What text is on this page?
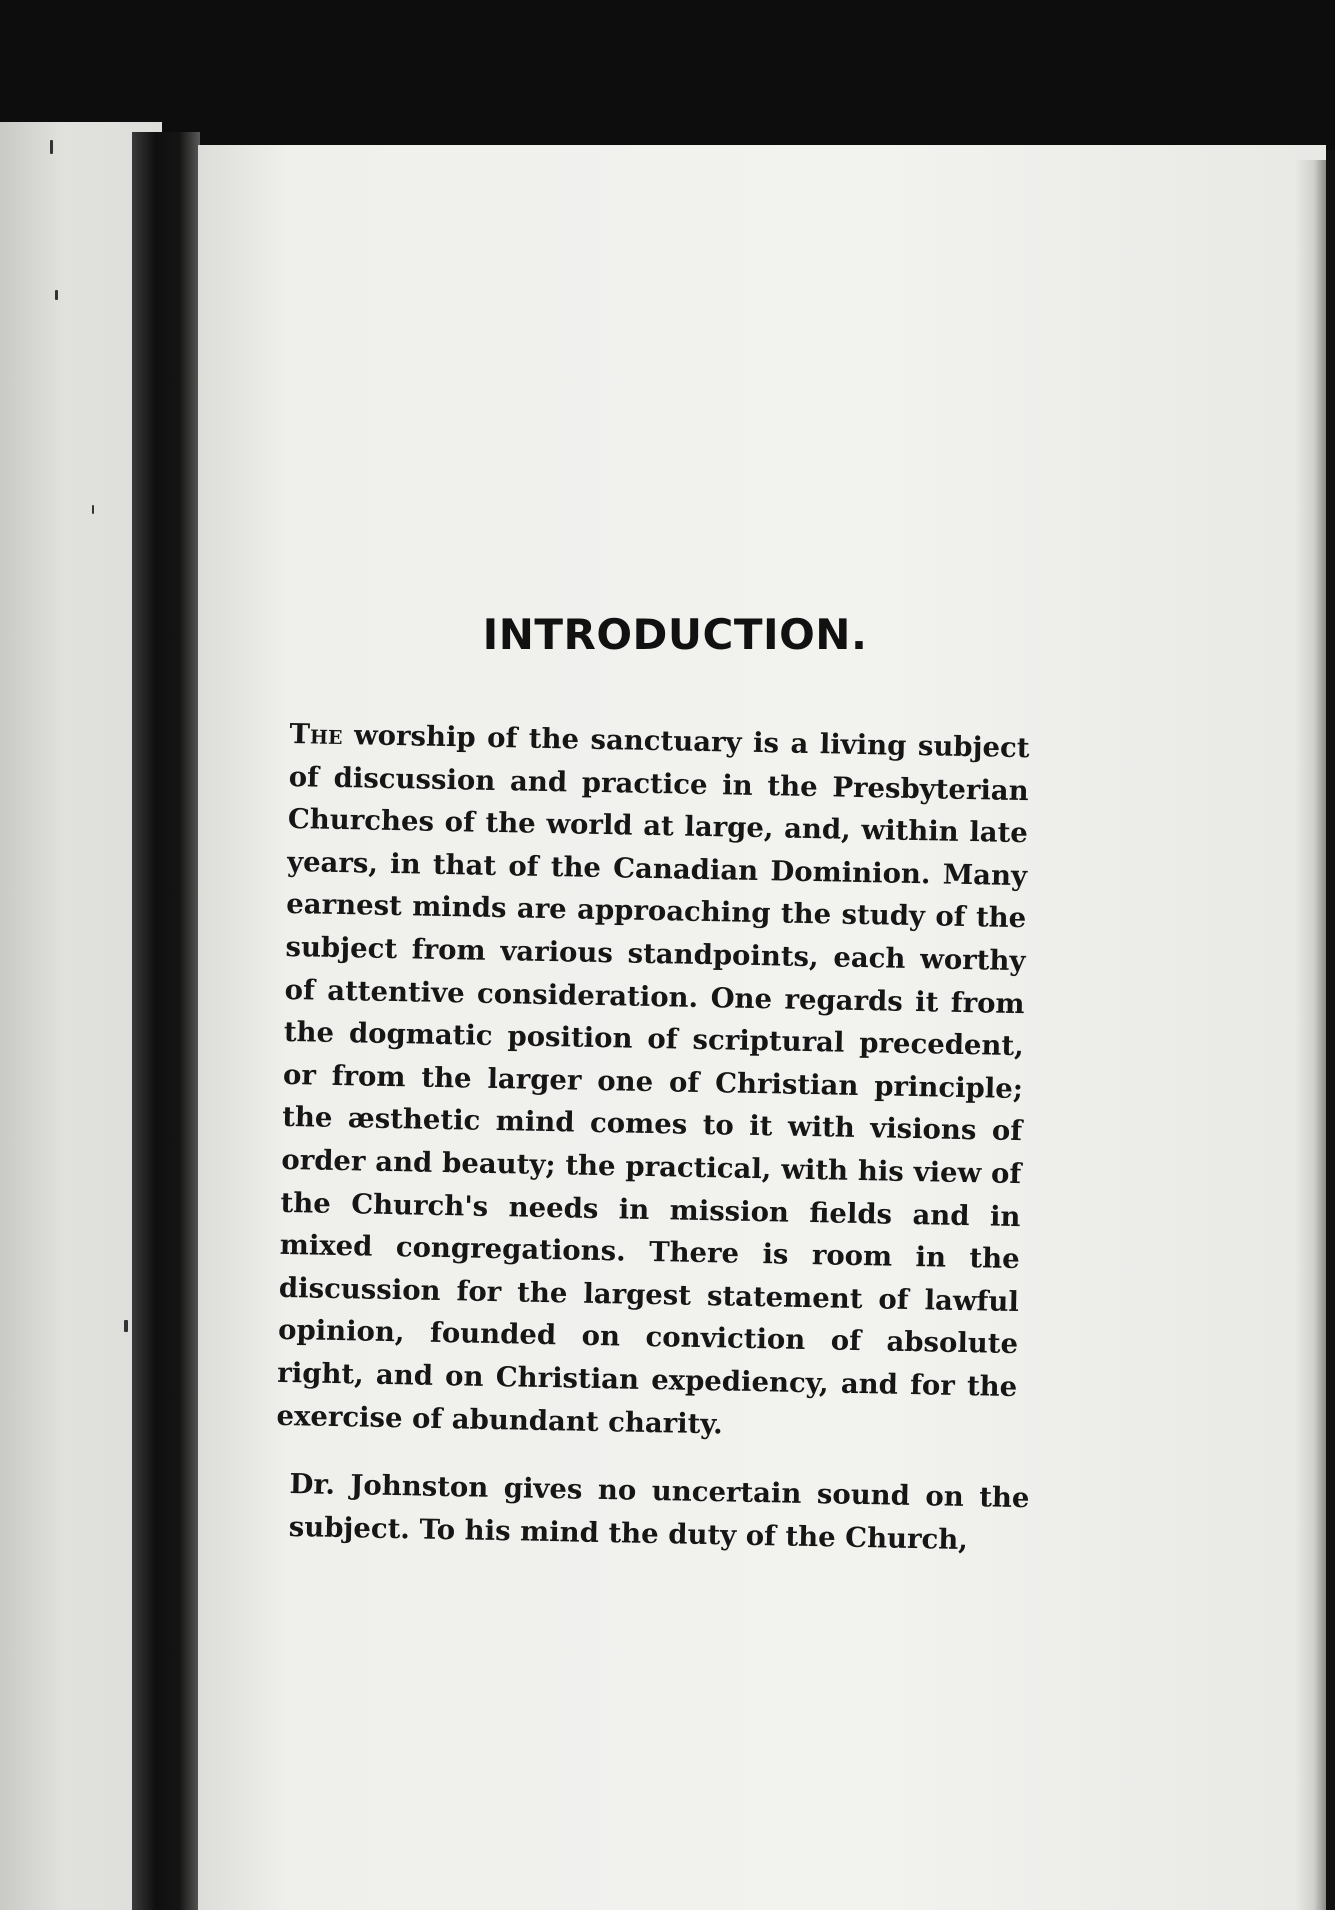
INTRODUCTION.

The worship of the sanctuary is a living subject of discussion and practice in the Presbyterian Churches of the world at large, and, within late years, in that of the Canadian Dominion. Many earnest minds are approaching the study of the subject from various standpoints, each worthy of attentive consideration. One regards it from the dogmatic position of scriptural precedent, or from the larger one of Christian principle; the æsthetic mind comes to it with visions of order and beauty; the practical, with his view of the Church's needs in mission fields and in mixed congregations. There is room in the discussion for the largest statement of lawful opinion, founded on conviction of absolute right, and on Christian expediency, and for the exercise of abundant charity.

Dr. Johnston gives no uncertain sound on the subject. To his mind the duty of the Church,
